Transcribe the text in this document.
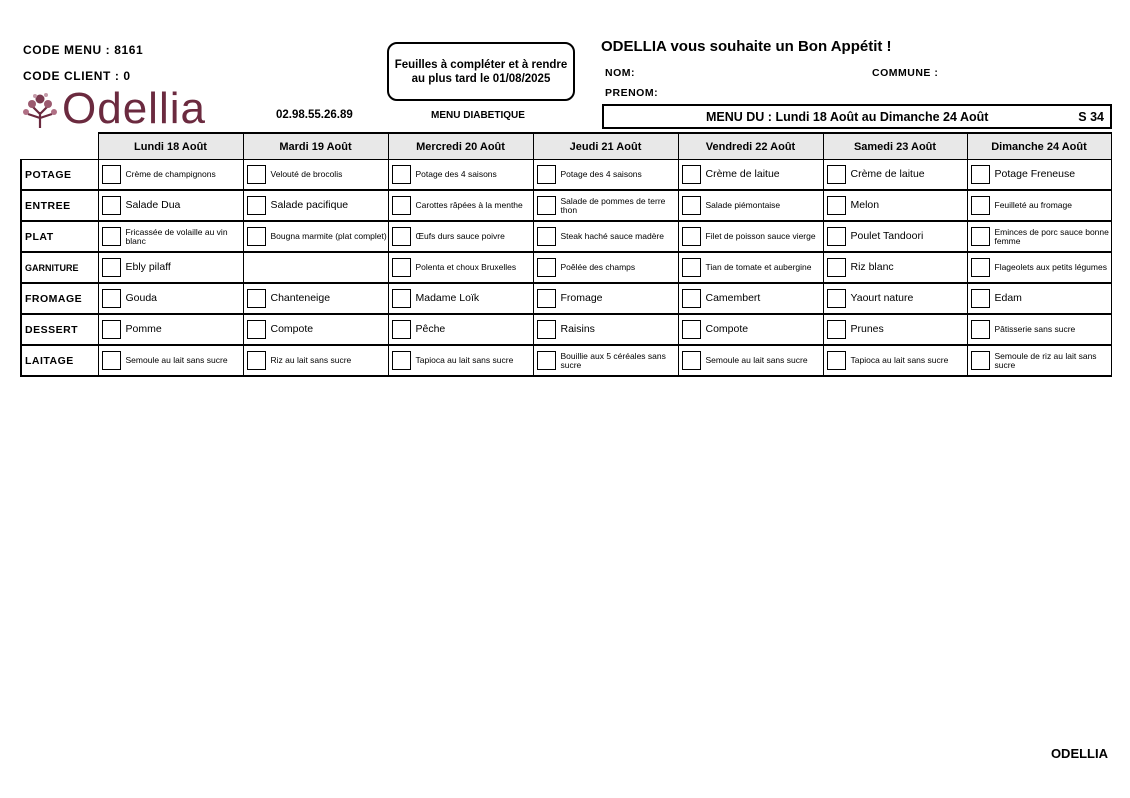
CODE MENU : 8161
CODE CLIENT : 0
Odellia	02.98.55.26.89	MENU DIABETIQUE
Feuilles à compléter et à rendre au plus tard le 01/08/2025
ODELLIA vous souhaite un Bon Appétit !
NOM:	COMMUNE :
PRENOM:
MENU DU : Lundi 18 Août au Dimanche 24 Août	S 34
	Lundi 18 Août	Mardi 19 Août	Mercredi 20 Août	Jeudi 21 Août	Vendredi 22 Août	Samedi 23 Août	Dimanche 24 Août
POTAGE	Crème de champignons	Velouté de brocolis	Potage des 4 saisons	Potage des 4 saisons	Crème de laitue	Crème de laitue	Potage Freneuse

ENTREE	Salade Dua	Salade pacifique	Carottes râpées à la menthe	Salade de pommes de terre thon	Salade piémontaise	Melon	Feuilleté au fromage

PLAT	Fricassée de volaille au vin blanc	Bougna marmite (plat complet)	Œufs durs sauce poivre	Steak haché sauce madère	Filet de poisson sauce vierge	Poulet Tandoori	Eminces de porc sauce bonne femme

GARNITURE	Ebly pilaff		Polenta et choux Bruxelles	Poêlée des champs	Tian de tomate et aubergine	Riz blanc	Flageolets aux petits légumes

FROMAGE	Gouda	Chanteneige	Madame Loïk	Fromage	Camembert	Yaourt nature	Edam

DESSERT	Pomme	Compote	Pêche	Raisins	Compote	Prunes	Pâtisserie sans sucre

LAITAGE	Semoule au lait sans sucre	Riz au lait sans sucre	Tapioca au lait sans sucre	Bouillie aux 5 céréales sans sucre	Semoule au lait sans sucre	Tapioca au lait sans sucre	Semoule de riz au lait sans sucre
ODELLIA
